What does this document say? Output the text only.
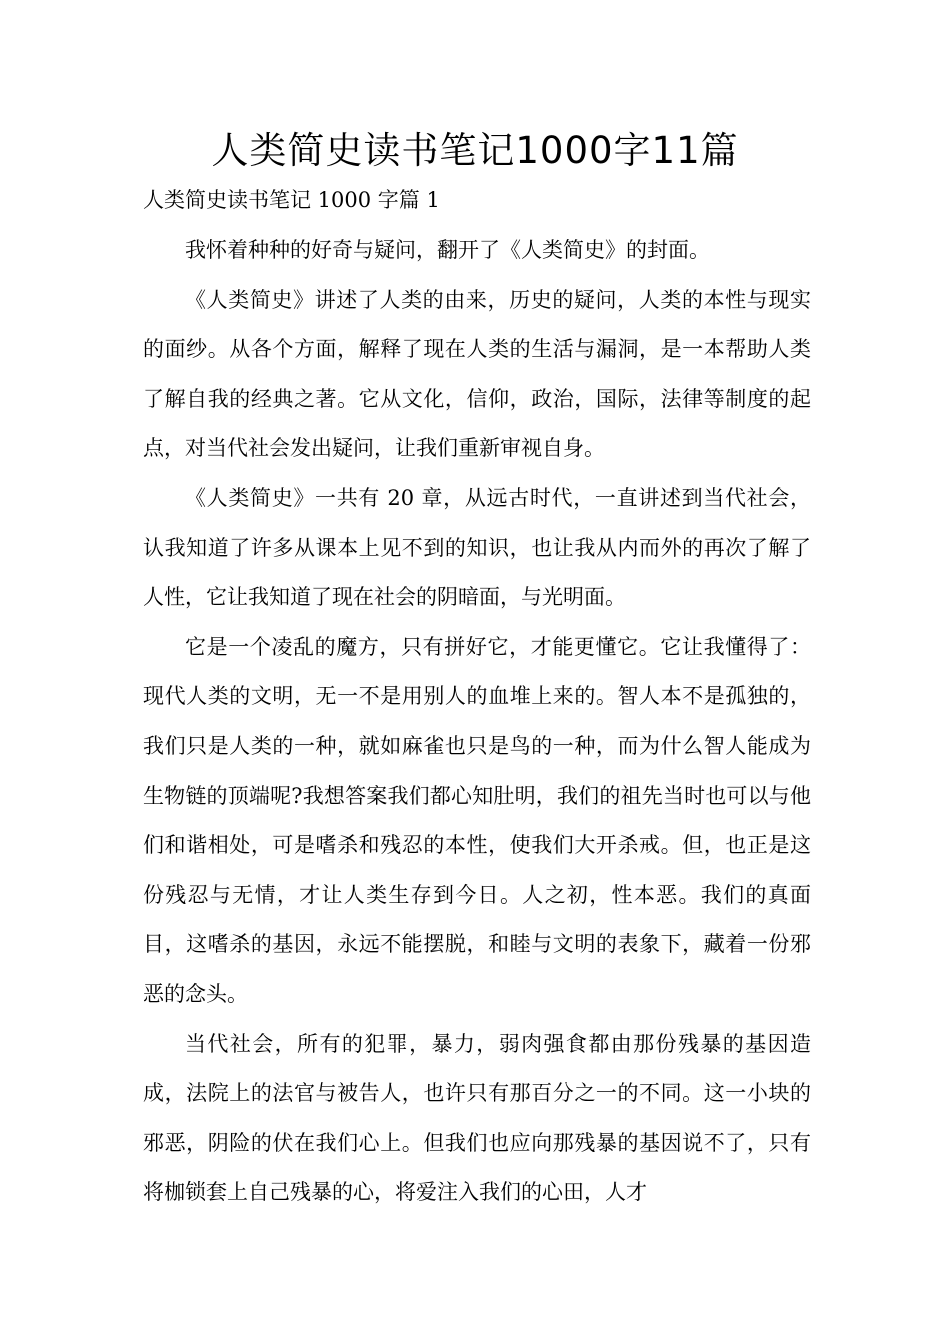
人类简史读书笔记1000字11篇
人类简史读书笔记 1000 字篇 1

我怀着种种的好奇与疑问，翻开了《人类简史》的封面。

《人类简史》讲述了人类的由来，历史的疑问，人类的本性与现实的面纱。从各个方面，解释了现在人类的生活与漏洞，是一本帮助人类了解自我的经典之著。它从文化，信仰，政治，国际，法律等制度的起点，对当代社会发出疑问，让我们重新审视自身。

《人类简史》一共有 20 章，从远古时代，一直讲述到当代社会，认我知道了许多从课本上见不到的知识，也让我从内而外的再次了解了人性，它让我知道了现在社会的阴暗面，与光明面。

它是一个凌乱的魔方，只有拼好它，才能更懂它。它让我懂得了：现代人类的文明，无一不是用别人的血堆上来的。智人本不是孤独的，我们只是人类的一种，就如麻雀也只是鸟的一种，而为什么智人能成为生物链的顶端呢?我想答案我们都心知肚明，我们的祖先当时也可以与他们和谐相处，可是嗜杀和残忍的本性，使我们大开杀戒。但，也正是这份残忍与无情，才让人类生存到今日。人之初，性本恶。我们的真面目，这嗜杀的基因，永远不能摆脱，和睦与文明的表象下，藏着一份邪恶的念头。

当代社会，所有的犯罪，暴力，弱肉强食都由那份残暴的基因造成，法院上的法官与被告人，也许只有那百分之一的不同。这一小块的邪恶，阴险的伏在我们心上。但我们也应向那残暴的基因说不了，只有将枷锁套上自己残暴的心，将爱注入我们的心田，人才
